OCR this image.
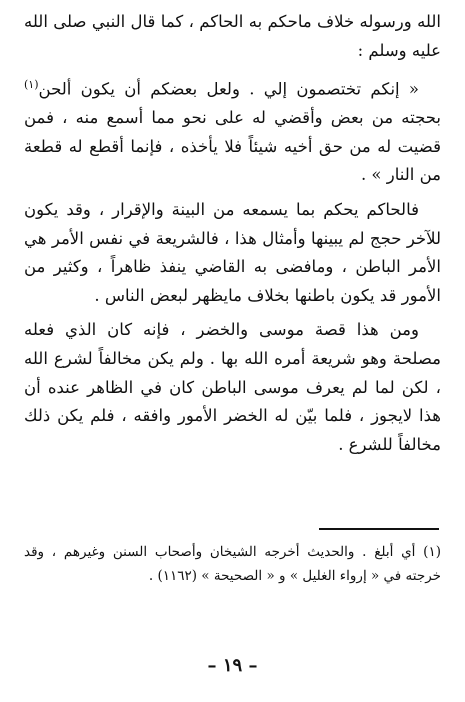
الله ورسوله خلاف ماحكم به الحاكم ، كما قال النبي صلى الله عليه وسلم :

« إنكم تختصمون إلي . ولعل بعضكم أن يكون ألحن$^{(١)}$ بحجته من بعض وأقضي له على نحو مما أسمع منه ، فمن قضيت له من حق أخيه شيئاً فلا يأخذه ، فإنما أقطع له قطعة من النار » .

فالحاكم يحكم بما يسمعه من البينة والإقرار ، وقد يكون للآخر حجج لم يبينها وأمثال هذا ، فالشريعة في نفس الأمر هي الأمر الباطن ، ومافضى به القاضي ينفذ ظاهراً ، وكثير من الأمور قد يكون باطنها بخلاف مايظهر لبعض الناس .

ومن هذا قصة موسى والخضر ، فإنه كان الذي فعله مصلحة وهو شريعة أمره الله بها . ولم يكن مخالفاً لشرع الله ، لكن لما لم يعرف موسى الباطن كان في الظاهر عنده أن هذا لايجوز ، فلما بيّن له الخضر الأمور وافقه ، فلم يكن ذلك مخالفاً للشرع .

(١) أي أبلغ . والحديث أخرجه الشيخان وأصحاب السنن وغيرهم ، وقد خرجته في « إرواء الغليل » و « الصحيحة » (١١٦٢) .
– ١٩ –
